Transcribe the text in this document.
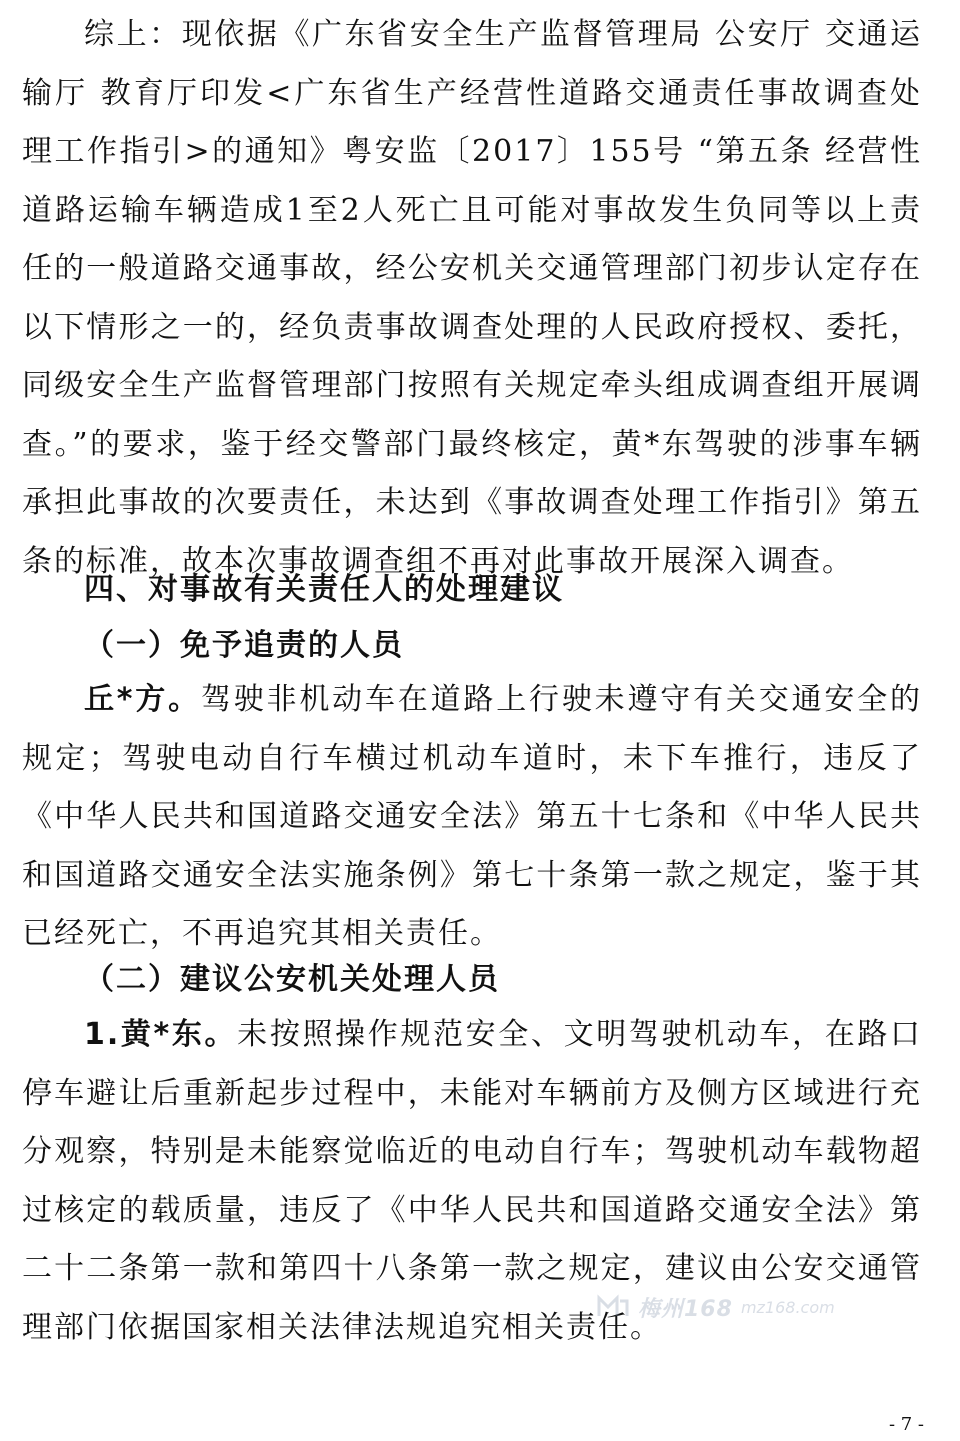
综上：现依据《广东省安全生产监督管理局 公安厅 交通运输厅 教育厅印发<广东省生产经营性道路交通责任事故调查处理工作指引>的通知》粤安监〔2017〕155号 “第五条 经营性道路运输车辆造成1至2人死亡且可能对事故发生负同等以上责任的一般道路交通事故，经公安机关交通管理部门初步认定存在以下情形之一的，经负责事故调查处理的人民政府授权、委托，同级安全生产监督管理部门按照有关规定牵头组成调查组开展调查。”的要求，鉴于经交警部门最终核定，黄*东驾驶的涉事车辆承担此事故的次要责任，未达到《事故调查处理工作指引》第五条的标准，故本次事故调查组不再对此事故开展深入调查。

四、对事故有关责任人的处理建议
（一）免予追责的人员

丘*方。驾驶非机动车在道路上行驶未遵守有关交通安全的规定；驾驶电动自行车横过机动车道时，未下车推行，违反了《中华人民共和国道路交通安全法》第五十七条和《中华人民共和国道路交通安全法实施条例》第七十条第一款之规定，鉴于其已经死亡，不再追究其相关责任。

（二）建议公安机关处理人员

1.黄*东。未按照操作规范安全、文明驾驶机动车，在路口停车避让后重新起步过程中，未能对车辆前方及侧方区域进行充分观察，特别是未能察觉临近的电动自行车；驾驶机动车载物超过核定的载质量，违反了《中华人民共和国道路交通安全法》第二十二条第一款和第四十八条第一款之规定，建议由公安交通管理部门依据国家相关法律法规追究相关责任。

梅州168 mz168.com
- 7 -
